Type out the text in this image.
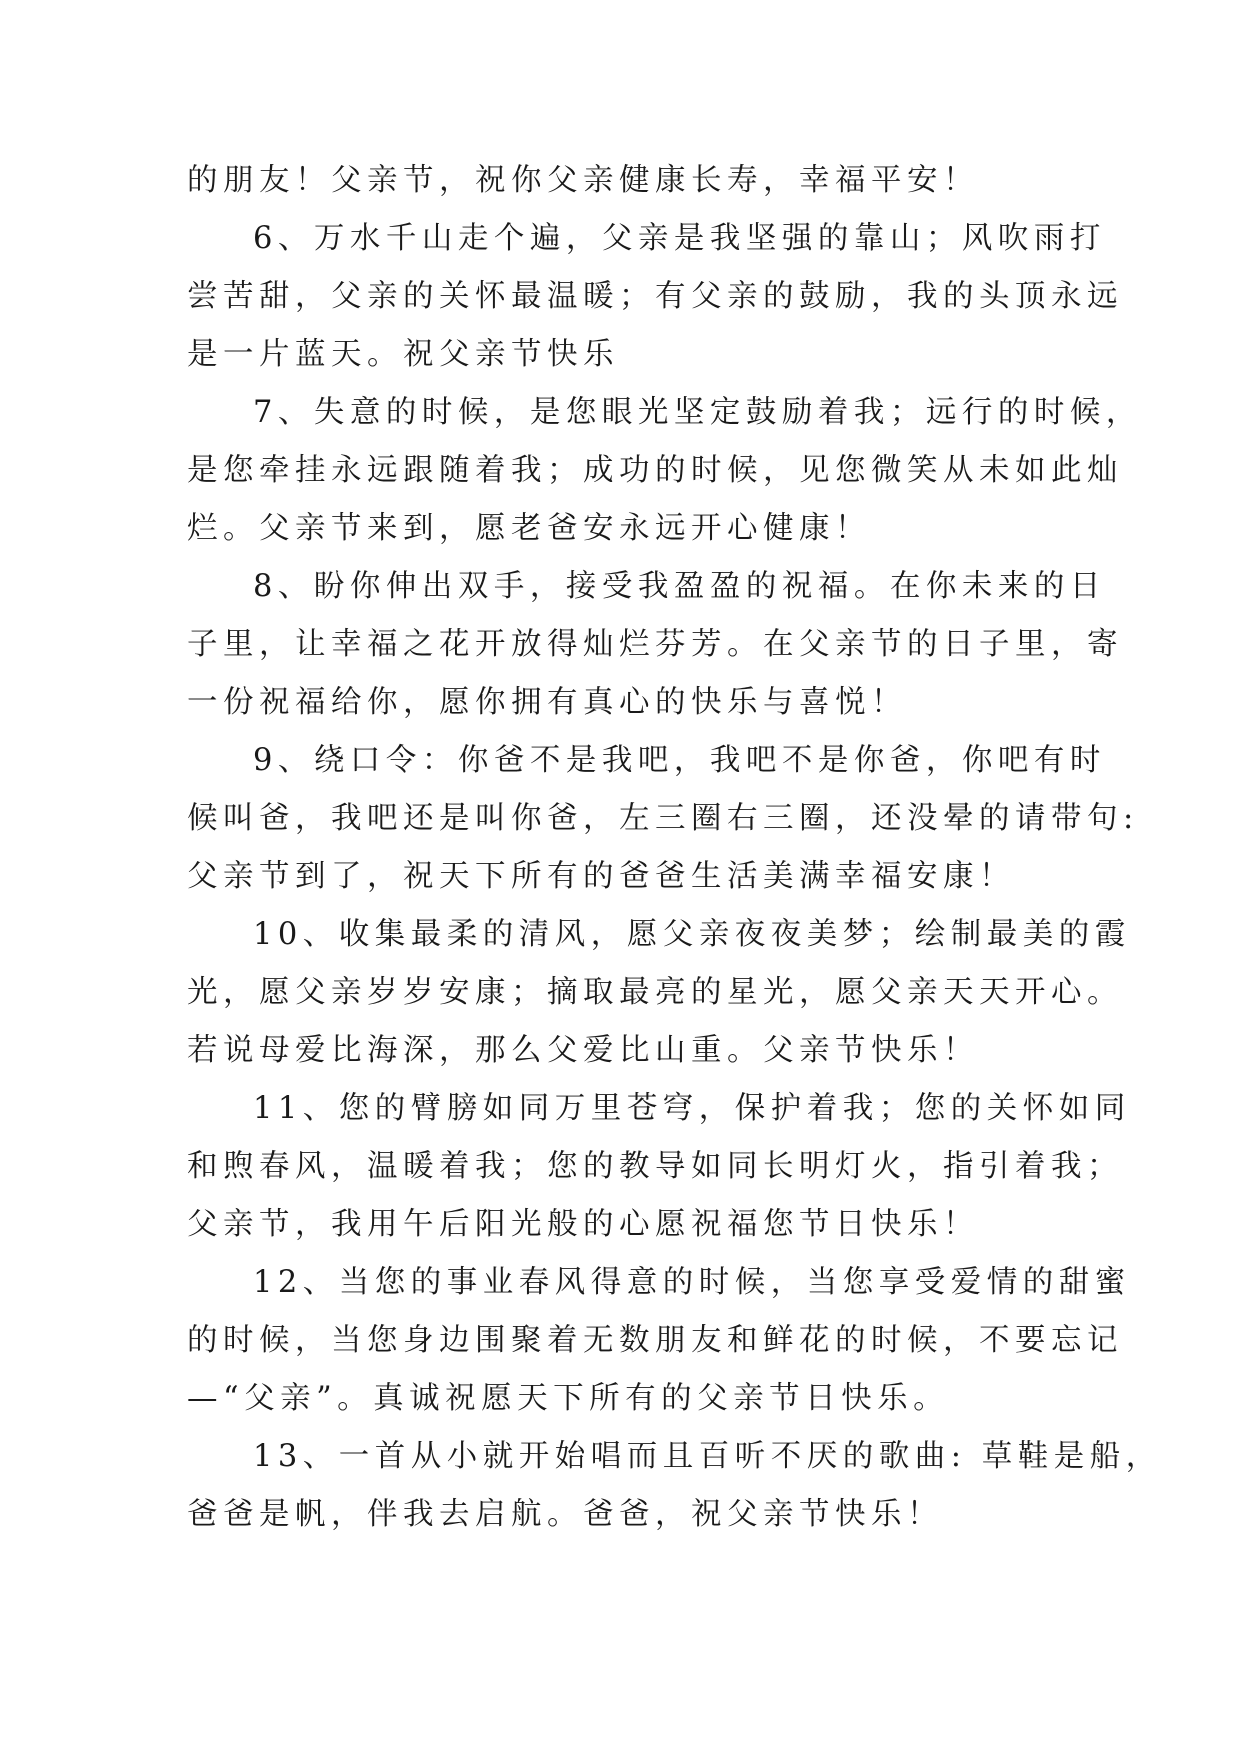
的朋友！父亲节，祝你父亲健康长寿，幸福平安！

6、万水千山走个遍，父亲是我坚强的靠山；风吹雨打
尝苦甜，父亲的关怀最温暖；有父亲的鼓励，我的头顶永远
是一片蓝天。祝父亲节快乐

7、失意的时候，是您眼光坚定鼓励着我；远行的时候，
是您牵挂永远跟随着我；成功的时候，见您微笑从未如此灿
烂。父亲节来到，愿老爸安永远开心健康！

8、盼你伸出双手，接受我盈盈的祝福。在你未来的日
子里，让幸福之花开放得灿烂芬芳。在父亲节的日子里，寄
一份祝福给你，愿你拥有真心的快乐与喜悦！

9、绕口令：你爸不是我吧，我吧不是你爸，你吧有时
候叫爸，我吧还是叫你爸，左三圈右三圈，还没晕的请带句:
父亲节到了，祝天下所有的爸爸生活美满幸福安康！

10、收集最柔的清风，愿父亲夜夜美梦；绘制最美的霞
光，愿父亲岁岁安康；摘取最亮的星光，愿父亲天天开心。
若说母爱比海深，那么父爱比山重。父亲节快乐！

11、您的臂膀如同万里苍穹，保护着我；您的关怀如同
和煦春风，温暖着我；您的教导如同长明灯火，指引着我；
父亲节，我用午后阳光般的心愿祝福您节日快乐！

12、当您的事业春风得意的时候，当您享受爱情的甜蜜
的时候，当您身边围聚着无数朋友和鲜花的时候，不要忘记
—“父亲”。真诚祝愿天下所有的父亲节日快乐。

13、一首从小就开始唱而且百听不厌的歌曲: 草鞋是船，
爸爸是帆，伴我去启航。爸爸，祝父亲节快乐！
